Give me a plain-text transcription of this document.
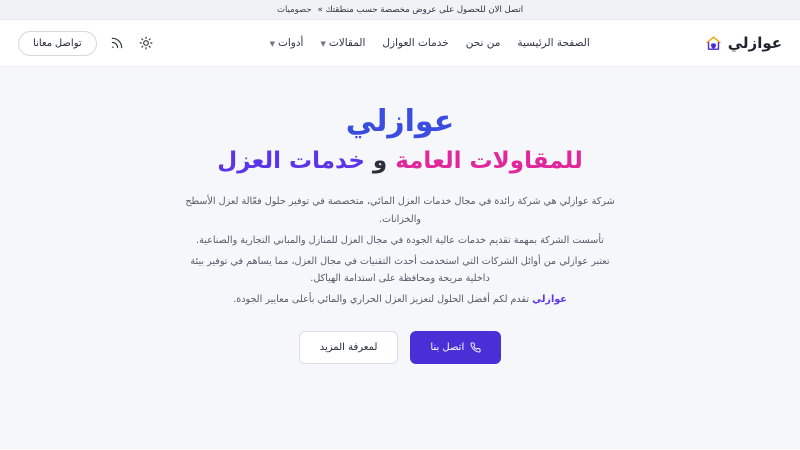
اتصل الان للحصول على عروض مخصصة حسب منطقتك »
حصوميات
عوازلي
الصفحة الرئيسية
من نحن
خدمات العوازل
المقالات
▼
أدوات
▼
تواصل معانا
عوازلي
للمقاولات العامة و خدمات العزل

شركة عوازلي هي شركة رائدة في مجال خدمات العزل المائي، متخصصة في توفير حلول فعّالة لعزل الأسطح والخزانات.

تأسست الشركة بمهمة تقديم خدمات عالية الجودة في مجال العزل للمنازل والمباني التجارية والصناعية.

تعتبر عوازلي من أوائل الشركات التي استخدمت أحدث التقنيات في مجال العزل، مما يساهم في توفير بيئة داخلية مريحة ومحافظة على استدامة الهياكل.

عوازلي تقدم لكم أفضل الحلول لتعزيز العزل الحراري والمائي بأعلى معايير الجودة.

اتصل بنا
لمعرفة المزيد
